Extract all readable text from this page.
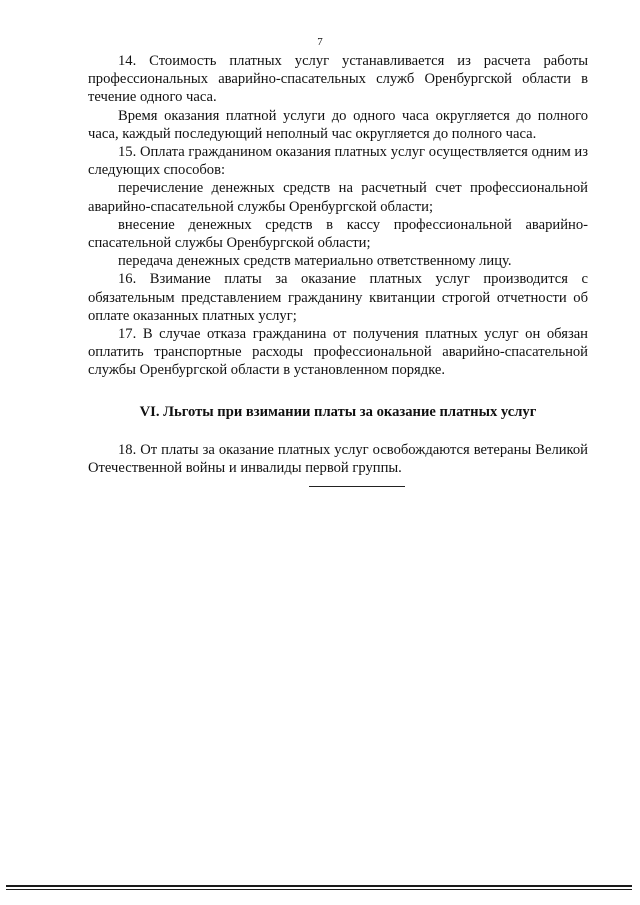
7

14. Стоимость платных услуг устанавливается из расчета работы профессиональных аварийно-спасательных служб Оренбургской области в течение одного часа.

Время оказания платной услуги до одного часа округляется до полного часа, каждый последующий неполный час округляется до полного часа.

15. Оплата гражданином оказания платных услуг осуществляется одним из следующих способов:

перечисление денежных средств на расчетный счет профессиональной аварийно-спасательной службы Оренбургской области;

внесение денежных средств в кассу профессиональной аварийно-спасательной службы Оренбургской области;

передача денежных средств материально ответственному лицу.

16. Взимание платы за оказание платных услуг производится с обязательным представлением гражданину квитанции строгой отчетности об оплате оказанных платных услуг;

17. В случае отказа гражданина от получения платных услуг он обязан оплатить транспортные расходы профессиональной аварийно-спасательной службы Оренбургской области в установленном порядке.

VI. Льготы при взимании платы за оказание платных услуг

18. От платы за оказание платных услуг освобождаются ветераны Великой Отечественной войны и инвалиды первой группы.
